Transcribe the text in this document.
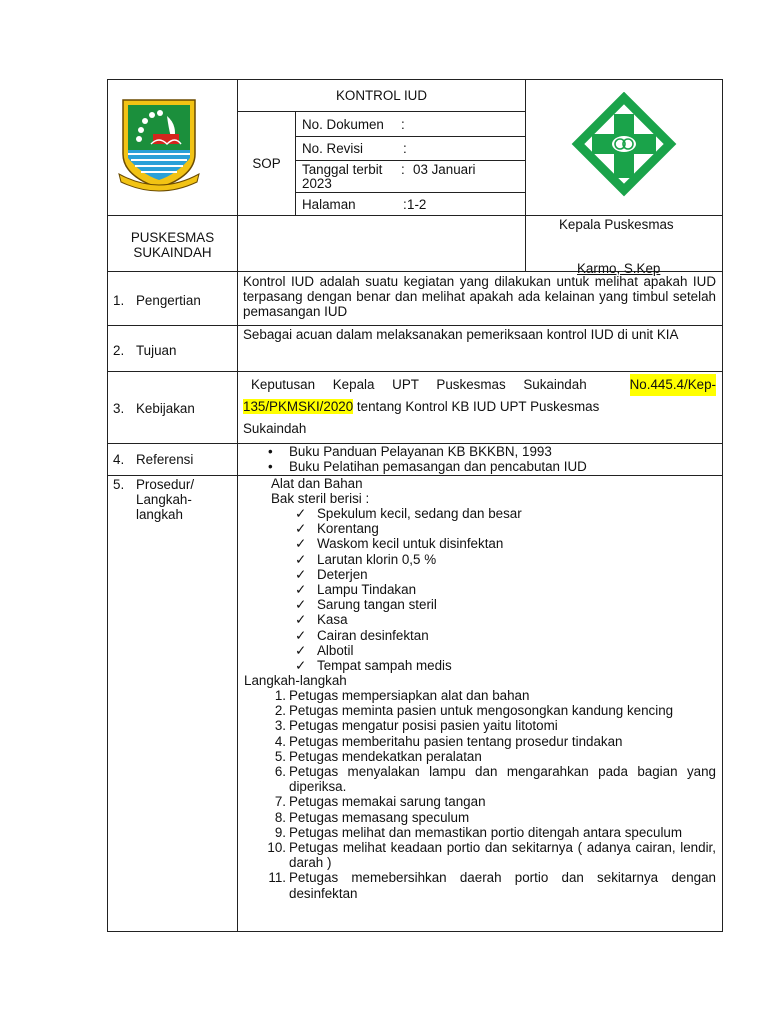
KONTROL IUD
SOP
No. Dokumen :
No. Revisi	:
Tanggal terbit : 03 Januari
2023
Halaman	: 1-2
PUSKESMAS
SUKAINDAH
Kepala Puskesmas
Karmo, S.Kep
1. Pengertian
Kontrol IUD adalah suatu kegiatan yang dilakukan untuk melihat apakah IUD terpasang dengan benar dan melihat apakah ada kelainan yang timbul setelah pemasangan IUD
2. Tujuan
Sebagai acuan dalam melaksanakan pemeriksaan kontrol IUD di unit KIA
3. Kebijakan
Keputusan Kepala UPT Puskesmas Sukaindah	No.445.4/Kep-
135/PKMSKI/2020 tentang Kontrol KB IUD UPT Puskesmas
Sukaindah
4. Referensi
• Buku Panduan Pelayanan KB BKKBN, 1993
• Buku Pelatihan pemasangan dan pencabutan IUD
5. Prosedur/
Langkah-
langkah
Alat dan Bahan
Bak steril berisi :
✓ Spekulum kecil, sedang dan besar
✓ Korentang
✓ Waskom kecil untuk disinfektan
✓ Larutan klorin 0,5 %
✓ Deterjen
✓ Lampu Tindakan
✓ Sarung tangan steril
✓ Kasa
✓ Cairan desinfektan
✓ Albotil
✓ Tempat sampah medis
Langkah-langkah
1. Petugas mempersiapkan alat dan bahan
2. Petugas meminta pasien untuk mengosongkan kandung kencing
3. Petugas mengatur posisi pasien yaitu litotomi
4. Petugas memberitahu pasien tentang prosedur tindakan
5. Petugas mendekatkan peralatan
6. Petugas menyalakan lampu dan mengarahkan pada bagian yang diperiksa.
7. Petugas memakai sarung tangan
8. Petugas memasang speculum
9. Petugas melihat dan memastikan portio ditengah antara speculum
10. Petugas melihat keadaan portio dan sekitarnya ( adanya cairan, lendir, darah )
11. Petugas memebersihkan daerah portio dan sekitarnya dengan desinfektan
